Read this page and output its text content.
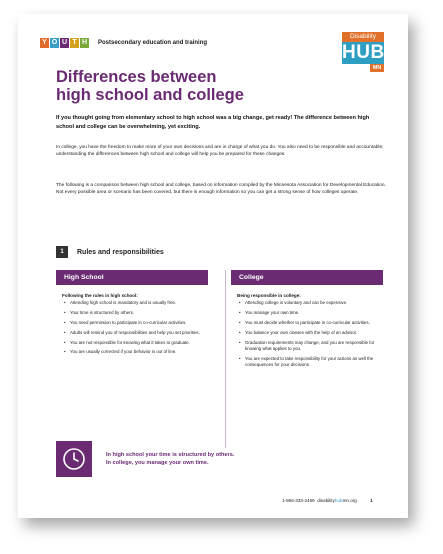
Y O U T H	Postsecondary education and training
Disability
HUB
MN
Differences between
high school and college
If you thought going from elementary school to high school was a big change, get ready! The difference between high school and college can be overwhelming, yet exciting.
In college, you have the freedom to make more of your own decisions and are in charge of what you do. You also need to be responsible and accountable; understanding the differences between high school and college will help you be prepared for these changes.
The following is a comparison between high school and college, based on information compiled by the Minnesota Association for Developmental Education. Not every possible area or scenario has been covered, but there is enough information so you can get a strong sense of how colleges operate.
1	Rules and responsibilities
High School
Following the rules in high school:
• Attending high school is mandatory and is usually free.
• Your time is structured by others.
• You need permission to participate in co-curricular activities.
• Adults will remind you of responsibilities and help you set priorities.
• You are not responsible for knowing what it takes to graduate.
• You are usually corrected if your behavior is out of line.
College
Being responsible in college:
• Attending college is voluntary and can be expensive.
• You manage your own time.
• You must decide whether to participate in co-curricular activities.
• You balance your own classes with the help of an advisor.
• Graduation requirements may change, and you are responsible for knowing what applies to you.
• You are expected to take responsibility for your actions as well the consequences for your decisions.
In high school your time is structured by others. In college, you manage your own time.
1-866-333-2466 disabilityhubmn.org	1
